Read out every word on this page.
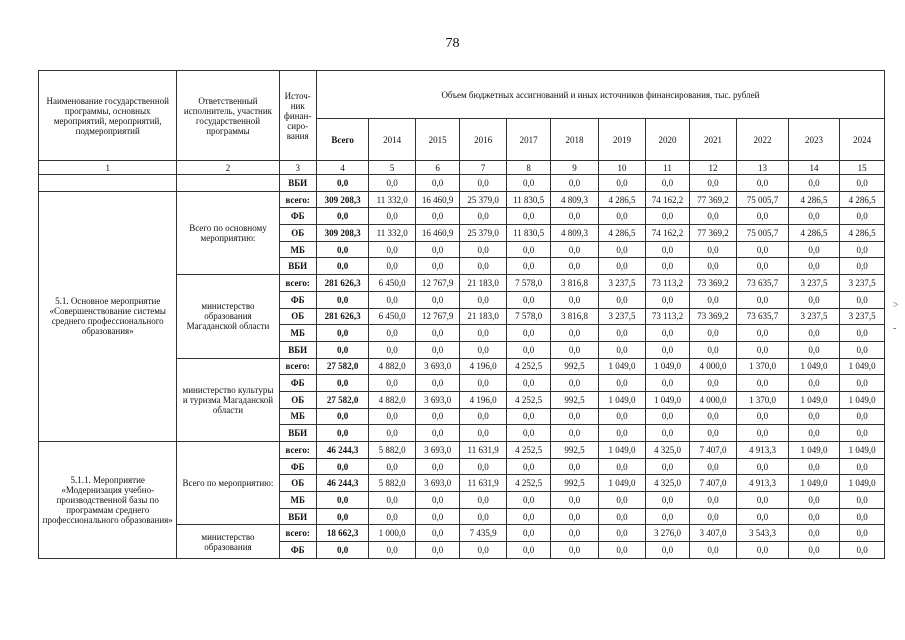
78
Наименование государственной программы, основных мероприятий, мероприятий, подмероприятий	Ответственный исполнитель, участник государственной программы	Источ-
ник
финан-
сиро-
вания	Объем бюджетных ассигнований и иных источников финансирования, тыс. рублей											
			Всего	2014	2015	2016	2017	2018	2019	2020	2021	2022	2023	2024
1	2	3	4	5	6	7	8	9	10	11	12	13	14	15
		ВБИ	0,0	0,0	0,0	0,0	0,0	0,0	0,0	0,0	0,0	0,0	0,0	0,0
5.1. Основное мероприятие «Совершенствование системы среднего профессионального образования»	Всего по основному мероприятию:	всего:	309 208,3	11 332,0	16 460,9	25 379,0	11 830,5	4 809,3	4 286,5	74 162,2	77 369,2	75 005,7	4 286,5	4 286,5
		ФБ	0,0	0,0	0,0	0,0	0,0	0,0	0,0	0,0	0,0	0,0	0,0	0,0
		ОБ	309 208,3	11 332,0	16 460,9	25 379,0	11 830,5	4 809,3	4 286,5	74 162,2	77 369,2	75 005,7	4 286,5	4 286,5
		МБ	0,0	0,0	0,0	0,0	0,0	0,0	0,0	0,0	0,0	0,0	0,0	0,0
		ВБИ	0,0	0,0	0,0	0,0	0,0	0,0	0,0	0,0	0,0	0,0	0,0	0,0
	министерство образования Магаданской области	всего:	281 626,3	6 450,0	12 767,9	21 183,0	7 578,0	3 816,8	3 237,5	73 113,2	73 369,2	73 635,7	3 237,5	3 237,5
		ФБ	0,0	0,0	0,0	0,0	0,0	0,0	0,0	0,0	0,0	0,0	0,0	0,0
		ОБ	281 626,3	6 450,0	12 767,9	21 183,0	7 578,0	3 816,8	3 237,5	73 113,2	73 369,2	73 635,7	3 237,5	3 237,5
		МБ	0,0	0,0	0,0	0,0	0,0	0,0	0,0	0,0	0,0	0,0	0,0	0,0
		ВБИ	0,0	0,0	0,0	0,0	0,0	0,0	0,0	0,0	0,0	0,0	0,0	0,0
	министерство культуры и туризма Магаданской области	всего:	27 582,0	4 882,0	3 693,0	4 196,0	4 252,5	992,5	1 049,0	1 049,0	4 000,0	1 370,0	1 049,0	1 049,0
		ФБ	0,0	0,0	0,0	0,0	0,0	0,0	0,0	0,0	0,0	0,0	0,0	0,0
		ОБ	27 582,0	4 882,0	3 693,0	4 196,0	4 252,5	992,5	1 049,0	1 049,0	4 000,0	1 370,0	1 049,0	1 049,0
		МБ	0,0	0,0	0,0	0,0	0,0	0,0	0,0	0,0	0,0	0,0	0,0	0,0
		ВБИ	0,0	0,0	0,0	0,0	0,0	0,0	0,0	0,0	0,0	0,0	0,0	0,0
5.1.1. Мероприятие «Модернизация учебно-производственной базы по программам среднего профессионального образования»	Всего по мероприятию:	всего:	46 244,3	5 882,0	3 693,0	11 631,9	4 252,5	992,5	1 049,0	4 325,0	7 407,0	4 913,3	1 049,0	1 049,0
		ФБ	0,0	0,0	0,0	0,0	0,0	0,0	0,0	0,0	0,0	0,0	0,0	0,0
		ОБ	46 244,3	5 882,0	3 693,0	11 631,9	4 252,5	992,5	1 049,0	4 325,0	7 407,0	4 913,3	1 049,0	1 049,0
		МБ	0,0	0,0	0,0	0,0	0,0	0,0	0,0	0,0	0,0	0,0	0,0	0,0
		ВБИ	0,0	0,0	0,0	0,0	0,0	0,0	0,0	0,0	0,0	0,0	0,0	0,0
	министерство образования	всего:	18 662,3	1 000,0	0,0	7 435,9	0,0	0,0	0,0	3 276,0	3 407,0	3 543,3	0,0	0,0
		ФБ	0,0	0,0	0,0	0,0	0,0	0,0	0,0	0,0	0,0	0,0	0,0	0,0
>
-
